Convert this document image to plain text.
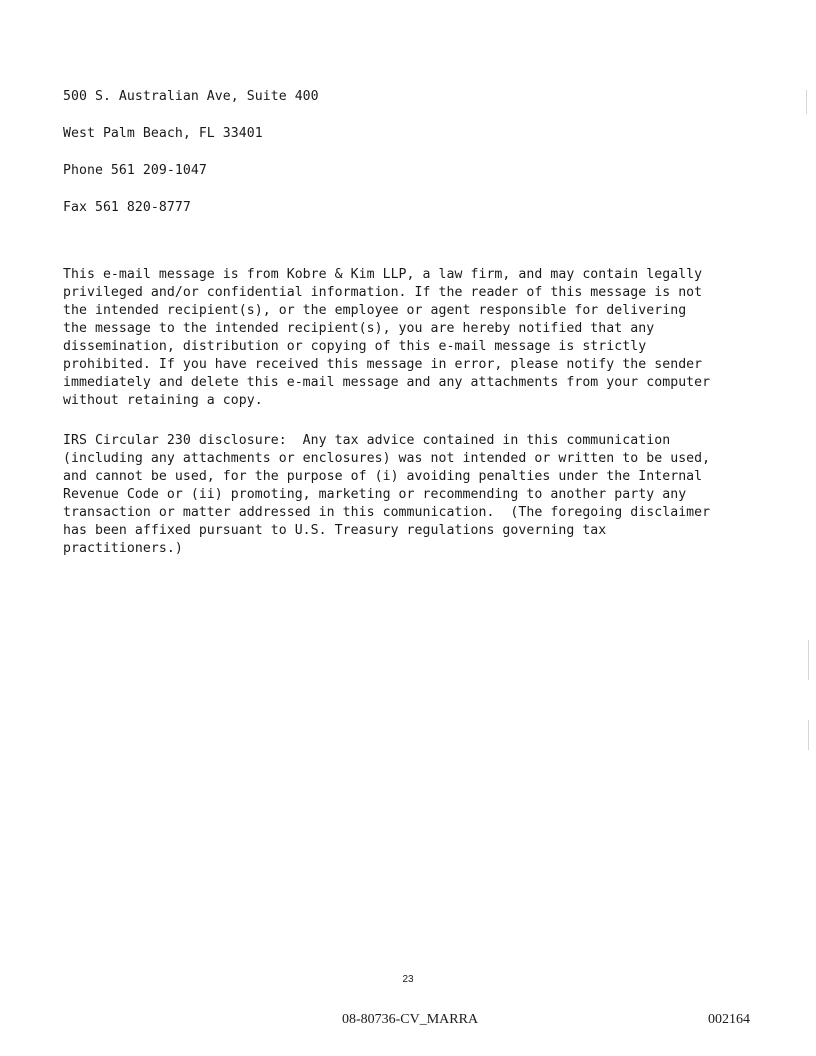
500 S. Australian Ave, Suite 400
West Palm Beach, FL 33401
Phone 561 209-1047
Fax 561 820-8777
This e-mail message is from Kobre & Kim LLP, a law firm, and may contain legally
privileged and/or confidential information. If the reader of this message is not
the intended recipient(s), or the employee or agent responsible for delivering
the message to the intended recipient(s), you are hereby notified that any
dissemination, distribution or copying of this e-mail message is strictly
prohibited. If you have received this message in error, please notify the sender
immediately and delete this e-mail message and any attachments from your computer
without retaining a copy.
IRS Circular 230 disclosure:  Any tax advice contained in this communication
(including any attachments or enclosures) was not intended or written to be used,
and cannot be used, for the purpose of (i) avoiding penalties under the Internal
Revenue Code or (ii) promoting, marketing or recommending to another party any
transaction or matter addressed in this communication.  (The foregoing disclaimer
has been affixed pursuant to U.S. Treasury regulations governing tax
practitioners.)
23
08-80736-CV_MARRA	002164
